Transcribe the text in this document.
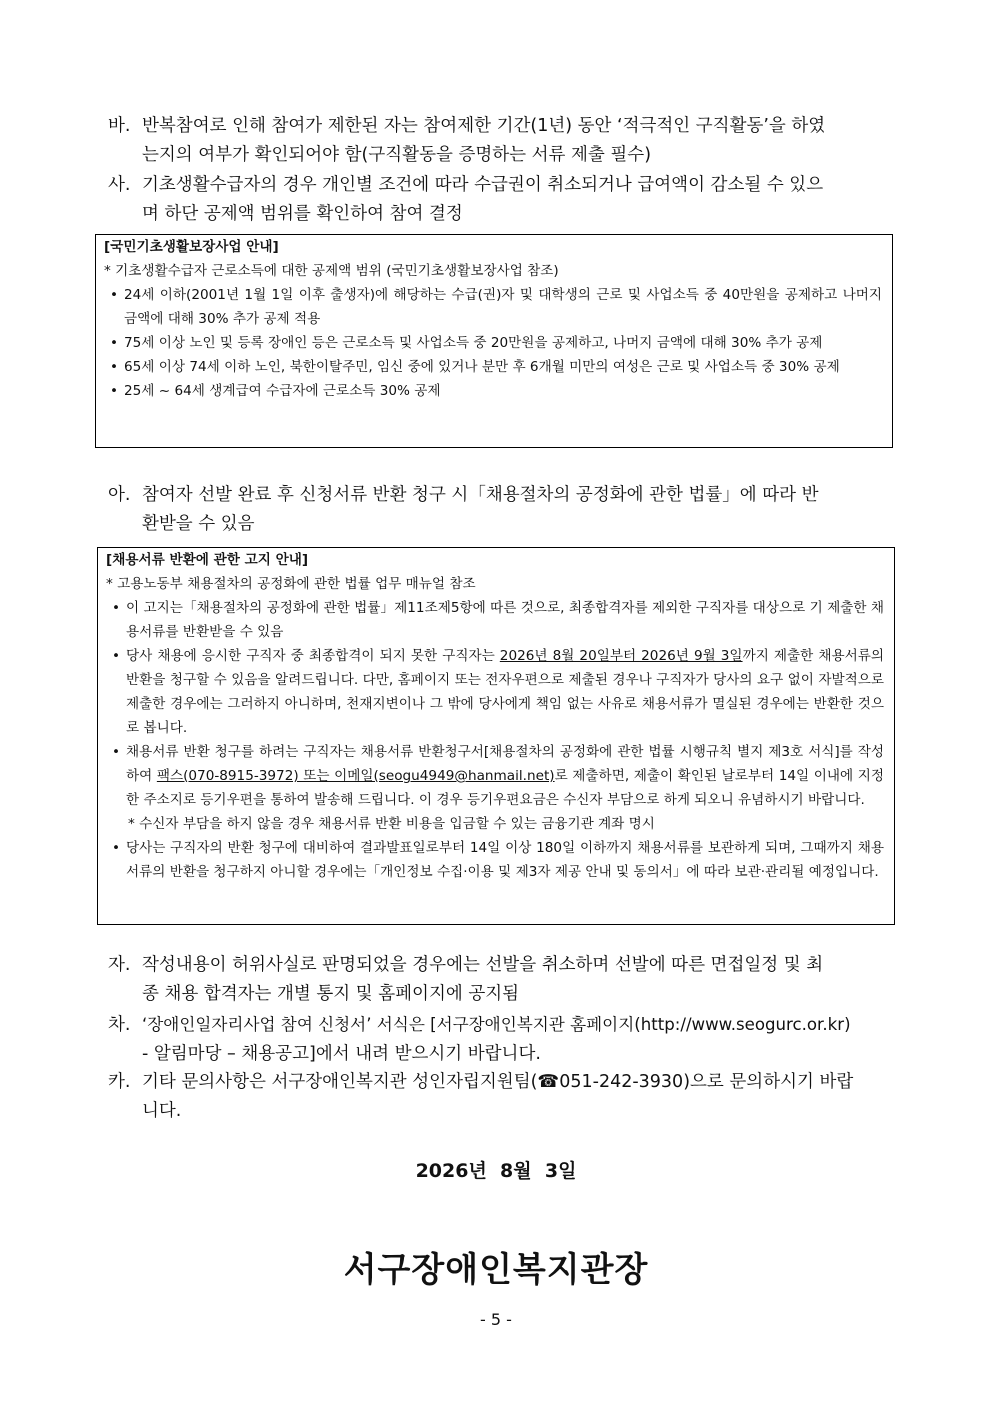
바. 반복참여로 인해 참여가 제한된 자는 참여제한 기간(1년) 동안 ‘적극적인 구직활동’을 하였
는지의 여부가 확인되어야 함(구직활동을 증명하는 서류 제출 필수)
사. 기초생활수급자의 경우 개인별 조건에 따라 수급권이 취소되거나 급여액이 감소될 수 있으
며 하단 공제액 범위를 확인하여 참여 결정
[국민기초생활보장사업 안내]
* 기초생활수급자 근로소득에 대한 공제액 범위 (국민기초생활보장사업 참조)
• 24세 이하(2001년 1월 1일 이후 출생자)에 해당하는 수급(권)자 및 대학생의 근로 및 사업소득 중 40만원을 공제하고 나머지 금액에 대해 30% 추가 공제 적용
• 75세 이상 노인 및 등록 장애인 등은 근로소득 및 사업소득 중 20만원을 공제하고, 나머지 금액에 대해 30% 추가 공제
• 65세 이상 74세 이하 노인, 북한이탈주민, 임신 중에 있거나 분만 후 6개월 미만의 여성은 근로 및 사업소득 중 30% 공제
• 25세 ~ 64세 생계급여 수급자에 근로소득 30% 공제
아. 참여자 선발 완료 후 신청서류 반환 청구 시「채용절차의 공정화에 관한 법률」에 따라 반
환받을 수 있음
[채용서류 반환에 관한 고지 안내]
* 고용노동부 채용절차의 공정화에 관한 법률 업무 매뉴얼 참조
• 이 고지는「채용절차의 공정화에 관한 법률」제11조제5항에 따른 것으로, 최종합격자를 제외한 구직자를 대상으로 기 제출한 채용서류를 반환받을 수 있음
• 당사 채용에 응시한 구직자 중 최종합격이 되지 못한 구직자는 2026년 8월 20일부터 2026년 9월 3일까지 제출한 채용서류의 반환을 청구할 수 있음을 알려드립니다. 다만, 홈페이지 또는 전자우편으로 제출된 경우나 구직자가 당사의 요구 없이 자발적으로 제출한 경우에는 그러하지 아니하며, 천재지변이나 그 밖에 당사에게 책임 없는 사유로 채용서류가 멸실된 경우에는 반환한 것으로 봅니다.
• 채용서류 반환 청구를 하려는 구직자는 채용서류 반환청구서[채용절차의 공정화에 관한 법률 시행규칙 별지 제3호 서식]를 작성하여 팩스(070-8915-3972) 또는 이메일(seogu4949@hanmail.net)로 제출하면, 제출이 확인된 날로부터 14일 이내에 지정한 주소지로 등기우편을 통하여 발송해 드립니다. 이 경우 등기우편요금은 수신자 부담으로 하게 되오니 유념하시기 바랍니다.
* 수신자 부담을 하지 않을 경우 채용서류 반환 비용을 입금할 수 있는 금융기관 계좌 명시
• 당사는 구직자의 반환 청구에 대비하여 결과발표일로부터 14일 이상 180일 이하까지 채용서류를 보관하게 되며, 그때까지 채용서류의 반환을 청구하지 아니할 경우에는「개인정보 수집·이용 및 제3자 제공 안내 및 동의서」에 따라 보관·관리될 예정입니다.
자. 작성내용이 허위사실로 판명되었을 경우에는 선발을 취소하며 선발에 따른 면접일정 및 최
종 채용 합격자는 개별 통지 및 홈페이지에 공지됨
차. ‘장애인일자리사업 참여 신청서’ 서식은 [서구장애인복지관 홈페이지(http://www.seogurc.or.kr)
- 알림마당 – 채용공고]에서 내려 받으시기 바랍니다.
카. 기타 문의사항은 서구장애인복지관 성인자립지원팀(☎051-242-3930)으로 문의하시기 바랍
니다.
2026년  8월  3일
서구장애인복지관장
- 5 -
